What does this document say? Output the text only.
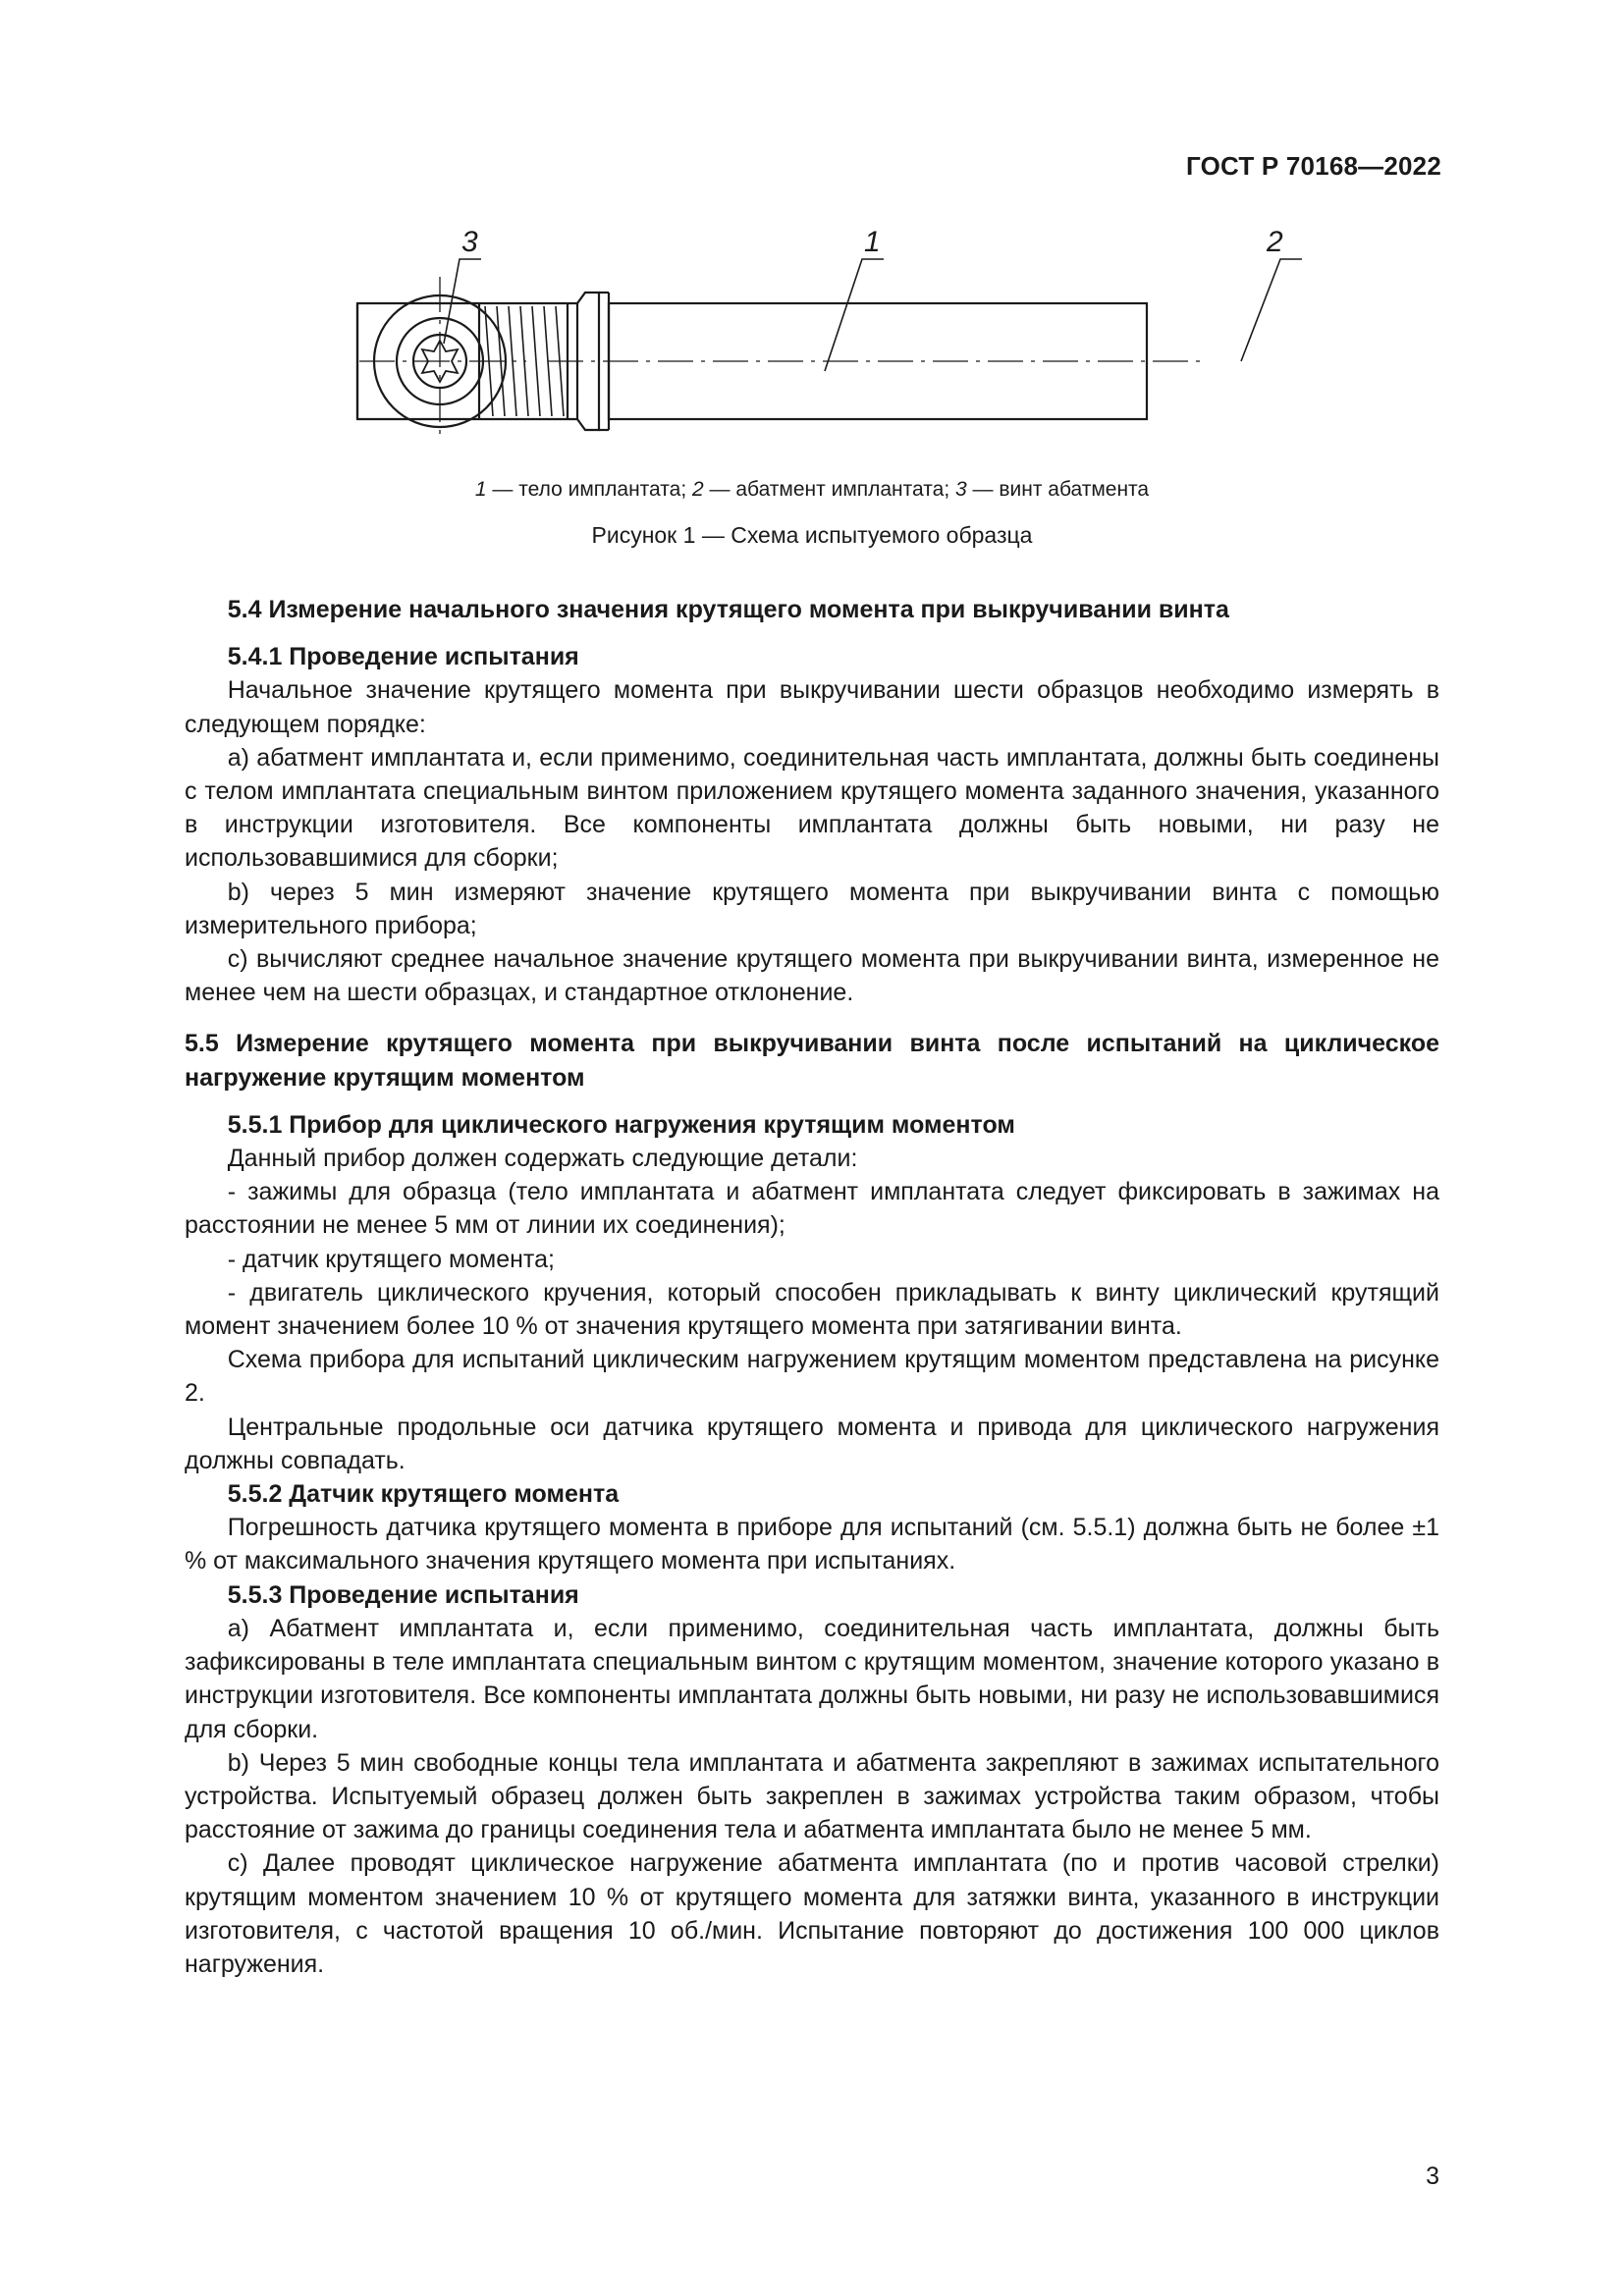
ГОСТ Р 70168—2022
3	1	2
1 — тело имплантата; 2 — абатмент имплантата; 3 — винт абатмента
Рисунок 1 — Схема испытуемого образца

5.4 Измерение начального значения крутящего момента при выкручивании винта

5.4.1 Проведение испытания

Начальное значение крутящего момента при выкручивании шести образцов необходимо измерять в следующем порядке:

a) абатмент имплантата и, если применимо, соединительная часть имплантата, должны быть соединены с телом имплантата специальным винтом приложением крутящего момента заданного значения, указанного в инструкции изготовителя. Все компоненты имплантата должны быть новыми, ни разу не использовавшимися для сборки;

b) через 5 мин измеряют значение крутящего момента при выкручивании винта с помощью измерительного прибора;

c) вычисляют среднее начальное значение крутящего момента при выкручивании винта, измеренное не менее чем на шести образцах, и стандартное отклонение.

5.5 Измерение крутящего момента при выкручивании винта после испытаний на циклическое нагружение крутящим моментом

5.5.1 Прибор для циклического нагружения крутящим моментом

Данный прибор должен содержать следующие детали:

- зажимы для образца (тело имплантата и абатмент имплантата следует фиксировать в зажимах на расстоянии не менее 5 мм от линии их соединения);

- датчик крутящего момента;

- двигатель циклического кручения, который способен прикладывать к винту циклический крутящий момент значением более 10 % от значения крутящего момента при затягивании винта.

Схема прибора для испытаний циклическим нагружением крутящим моментом представлена на рисунке 2.

Центральные продольные оси датчика крутящего момента и привода для циклического нагружения должны совпадать.

5.5.2 Датчик крутящего момента

Погрешность датчика крутящего момента в приборе для испытаний (см. 5.5.1) должна быть не более ±1 % от максимального значения крутящего момента при испытаниях.

5.5.3 Проведение испытания

a) Абатмент имплантата и, если применимо, соединительная часть имплантата, должны быть зафиксированы в теле имплантата специальным винтом с крутящим моментом, значение которого указано в инструкции изготовителя. Все компоненты имплантата должны быть новыми, ни разу не использовавшимися для сборки.

b) Через 5 мин свободные концы тела имплантата и абатмента закрепляют в зажимах испытательного устройства. Испытуемый образец должен быть закреплен в зажимах устройства таким образом, чтобы расстояние от зажима до границы соединения тела и абатмента имплантата было не менее 5 мм.

c) Далее проводят циклическое нагружение абатмента имплантата (по и против часовой стрелки) крутящим моментом значением 10 % от крутящего момента для затяжки винта, указанного в инструкции изготовителя, с частотой вращения 10 об./мин. Испытание повторяют до достижения 100 000 циклов нагружения.

3
